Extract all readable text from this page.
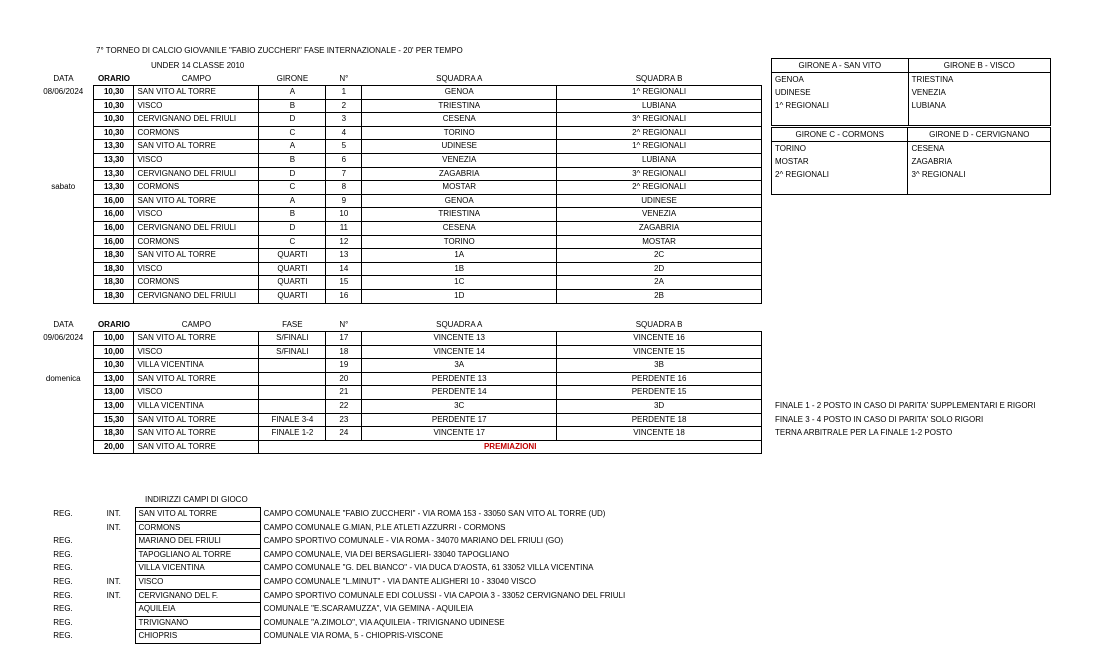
7° TORNEO DI CALCIO GIOVANILE "FABIO ZUCCHERI" FASE INTERNAZIONALE - 20' PER TEMPO
UNDER 14 CLASSE 2010
DATA	ORARIO	CAMPO	GIRONE	N°	SQUADRA A	SQUADRA B
08/06/2024	10,30	SAN VITO AL TORRE	A	1	GENOA	1^ REGIONALI
	10,30	VISCO	B	2	TRIESTINA	LUBIANA
	10,30	CERVIGNANO DEL FRIULI	D	3	CESENA	3^ REGIONALI
	10,30	CORMONS	C	4	TORINO	2^ REGIONALI
	13,30	SAN VITO AL TORRE	A	5	UDINESE	1^ REGIONALI
	13,30	VISCO	B	6	VENEZIA	LUBIANA
	13,30	CERVIGNANO DEL FRIULI	D	7	ZAGABRIA	3^ REGIONALI
sabato	13,30	CORMONS	C	8	MOSTAR	2^ REGIONALI
	16,00	SAN VITO AL TORRE	A	9	GENOA	UDINESE
	16,00	VISCO	B	10	TRIESTINA	VENEZIA
	16,00	CERVIGNANO DEL FRIULI	D	11	CESENA	ZAGABRIA
	16,00	CORMONS	C	12	TORINO	MOSTAR
	18,30	SAN VITO AL TORRE	QUARTI	13	1A	2C
	18,30	VISCO	QUARTI	14	1B	2D
	18,30	CORMONS	QUARTI	15	1C	2A
	18,30	CERVIGNANO DEL FRIULI	QUARTI	16	1D	2B
DATA	ORARIO	CAMPO	FASE	N°	SQUADRA A	SQUADRA B
09/06/2024	10,00	SAN VITO AL TORRE	S/FINALI	17	VINCENTE 13	VINCENTE 16
	10,00	VISCO	S/FINALI	18	VINCENTE 14	VINCENTE 15
	10,30	VILLA VICENTINA		19	3A	3B
domenica	13,00	SAN VITO AL TORRE		20	PERDENTE 13	PERDENTE 16
	13,00	VISCO		21	PERDENTE 14	PERDENTE 15
	13,00	VILLA VICENTINA		22	3C	3D
	15,30	SAN VITO AL TORRE	FINALE 3-4	23	PERDENTE 17	PERDENTE 18
	18,30	SAN VITO AL TORRE	FINALE 1-2	24	VINCENTE 17	VINCENTE 18
	20,00	SAN VITO AL TORRE	PREMIAZIONI			
GIRONE A - SAN VITO	GIRONE B - VISCO
GENOA	TRIESTINA
UDINESE	VENEZIA
1^ REGIONALI	LUBIANA

GIRONE C - CORMONS	GIRONE D - CERVIGNANO
TORINO	CESENA
MOSTAR	ZAGABRIA
2^ REGIONALI	3^ REGIONALI

FINALE 1 - 2 POSTO IN CASO DI PARITA' SUPPLEMENTARI E RIGORI
FINALE 3 - 4 POSTO IN CASO DI PARITA' SOLO RIGORI
TERNA ARBITRALE PER LA FINALE 1-2 POSTO
INDIRIZZI CAMPI DI GIOCO
REG.	INT.	SAN VITO AL TORRE	CAMPO COMUNALE "FABIO ZUCCHERI" - VIA ROMA 153 - 33050 SAN VITO AL TORRE (UD)
	INT.	CORMONS	CAMPO COMUNALE G.MIAN, P.LE ATLETI AZZURRI - CORMONS
REG.		MARIANO DEL FRIULI	CAMPO SPORTIVO COMUNALE - VIA ROMA - 34070 MARIANO DEL FRIULI (GO)
REG.		TAPOGLIANO AL TORRE	CAMPO COMUNALE, VIA DEI BERSAGLIERI- 33040 TAPOGLIANO
REG.		VILLA VICENTINA	CAMPO COMUNALE "G. DEL BIANCO" - VIA DUCA D'AOSTA, 61 33052 VILLA VICENTINA
REG.	INT.	VISCO	CAMPO COMUNALE "L.MINUT" - VIA DANTE ALIGHERI 10 - 33040 VISCO
REG.	INT.	CERVIGNANO DEL F.	CAMPO SPORTIVO COMUNALE EDI COLUSSI - VIA CAPOIA 3 - 33052 CERVIGNANO DEL FRIULI
REG.		AQUILEIA	COMUNALE "E.SCARAMUZZA", VIA GEMINA - AQUILEIA
REG.		TRIVIGNANO	COMUNALE "A.ZIMOLO", VIA AQUILEIA - TRIVIGNANO UDINESE
REG.		CHIOPRIS	COMUNALE VIA ROMA, 5 - CHIOPRIS-VISCONE
